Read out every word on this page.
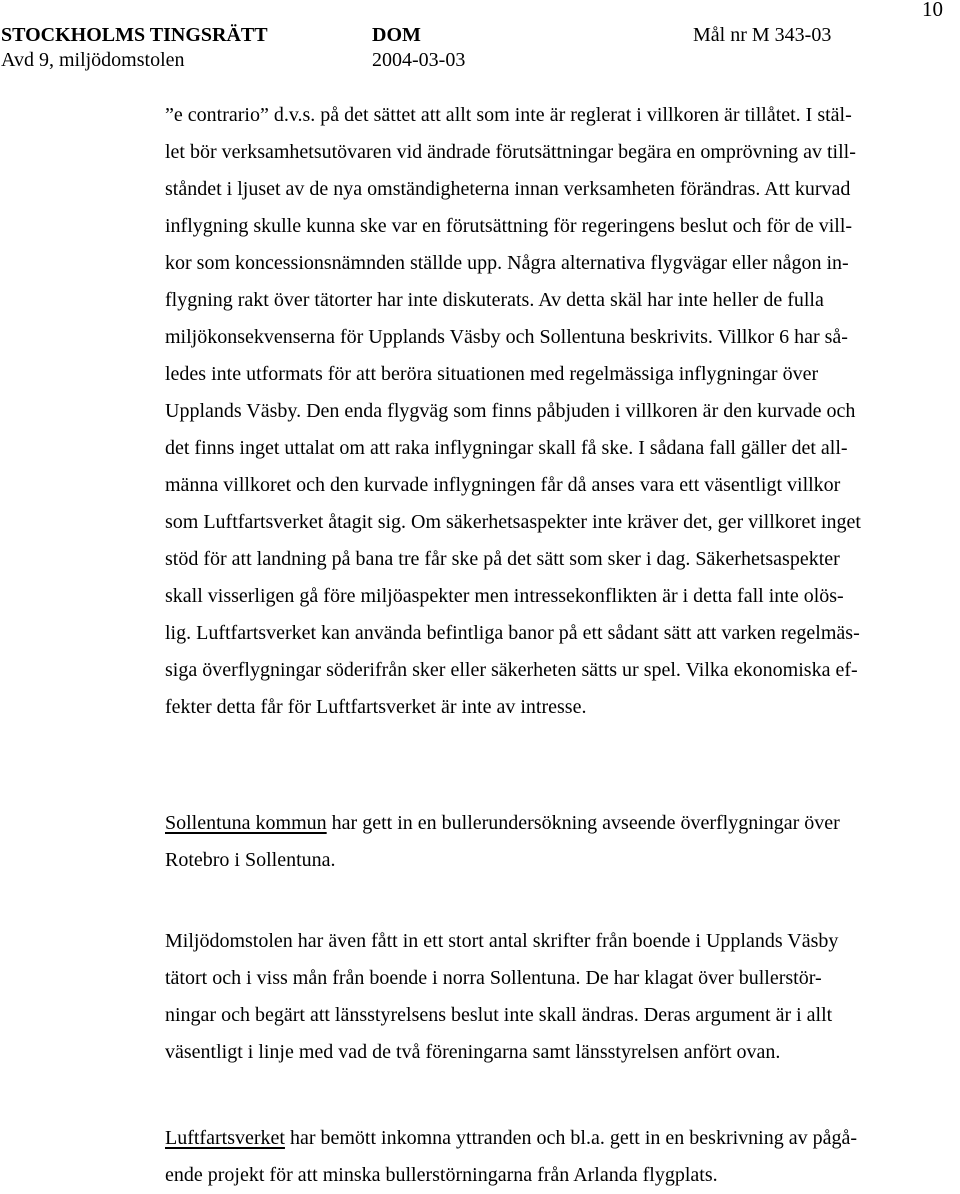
10
STOCKHOLMS TINGSRÄTT	DOM	Mål nr M 343-03
Avd 9, miljödomstolen	2004-03-03
”e contrario” d.v.s. på det sättet att allt som inte är reglerat i villkoren är tillåtet. I stäl-
let bör verksamhetsutövaren vid ändrade förutsättningar begära en omprövning av till-
ståndet i ljuset av de nya omständigheterna innan verksamheten förändras. Att kurvad
inflygning skulle kunna ske var en förutsättning för regeringens beslut och för de vill-
kor som koncessionsnämnden ställde upp. Några alternativa flygvägar eller någon in-
flygning rakt över tätorter har inte diskuterats. Av detta skäl har inte heller de fulla
miljökonsekvenserna för Upplands Väsby och Sollentuna beskrivits. Villkor 6 har så-
ledes inte utformats för att beröra situationen med regelmässiga inflygningar över
Upplands Väsby. Den enda flygväg som finns påbjuden i villkoren är den kurvade och
det finns inget uttalat om att raka inflygningar skall få ske. I sådana fall gäller det all-
männa villkoret och den kurvade inflygningen får då anses vara ett väsentligt villkor
som Luftfartsverket åtagit sig. Om säkerhetsaspekter inte kräver det, ger villkoret inget
stöd för att landning på bana tre får ske på det sätt som sker i dag. Säkerhetsaspekter
skall visserligen gå före miljöaspekter men intressekonflikten är i detta fall inte olös-
lig. Luftfartsverket kan använda befintliga banor på ett sådant sätt att varken regelmäs-
siga överflygningar söderifrån sker eller säkerheten sätts ur spel. Vilka ekonomiska ef-
fekter detta får för Luftfartsverket är inte av intresse.
Sollentuna kommun har gett in en bullerundersökning avseende överflygningar över
Rotebro i Sollentuna.
Miljödomstolen har även fått in ett stort antal skrifter från boende i Upplands Väsby
tätort och i viss mån från boende i norra Sollentuna. De har klagat över bullerstör-
ningar och begärt att länsstyrelsens beslut inte skall ändras. Deras argument är i allt
väsentligt i linje med vad de två föreningarna samt länsstyrelsen anfört ovan.
Luftfartsverket har bemött inkomna yttranden och bl.a. gett in en beskrivning av pågå-
ende projekt för att minska bullerstörningarna från Arlanda flygplats.
